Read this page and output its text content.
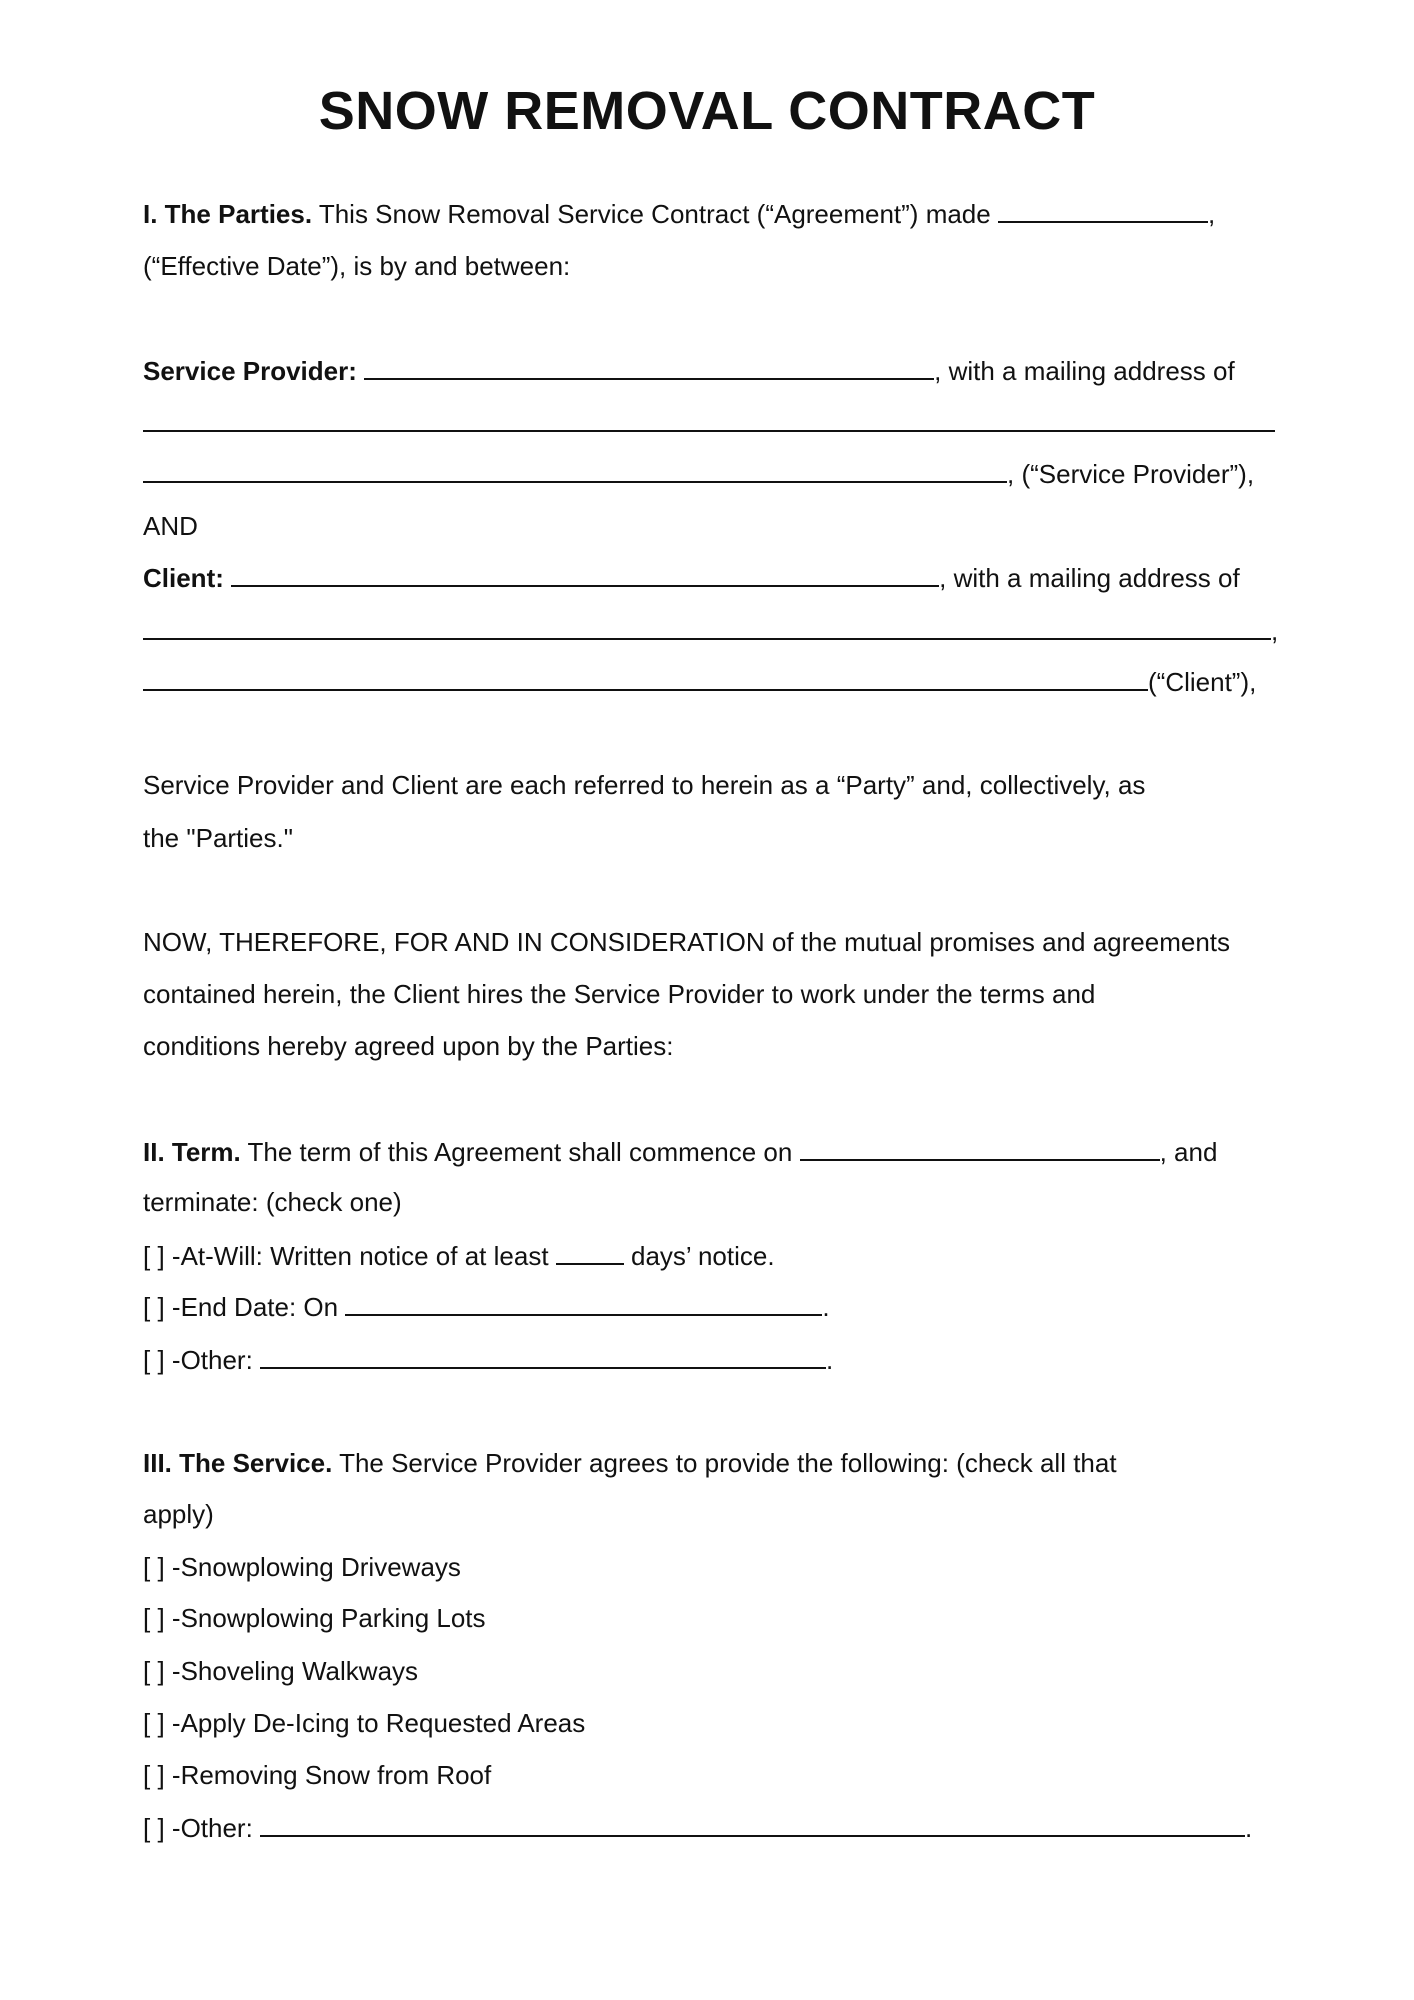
SNOW REMOVAL CONTRACT
I. The Parties. This Snow Removal Service Contract (“Agreement”) made	,
(“Effective Date”), is by and between:
Service Provider:	, with a mailing address of
, (“Service Provider”),
AND
Client:	, with a mailing address of
,
(“Client”),
Service Provider and Client are each referred to herein as a “Party” and, collectively, as
the "Parties."
NOW, THEREFORE, FOR AND IN CONSIDERATION of the mutual promises and agreements
contained herein, the Client hires the Service Provider to work under the terms and
conditions hereby agreed upon by the Parties:
II. Term. The term of this Agreement shall commence on	, and
terminate: (check one)
[ ] -At-Will: Written notice of at least	days’ notice.
[ ] -End Date: On	.
[ ] -Other:	.
III. The Service. The Service Provider agrees to provide the following: (check all that
apply)
[ ] -Snowplowing Driveways
[ ] -Snowplowing Parking Lots
[ ] -Shoveling Walkways
[ ] -Apply De-Icing to Requested Areas
[ ] -Removing Snow from Roof
[ ] -Other:	.
